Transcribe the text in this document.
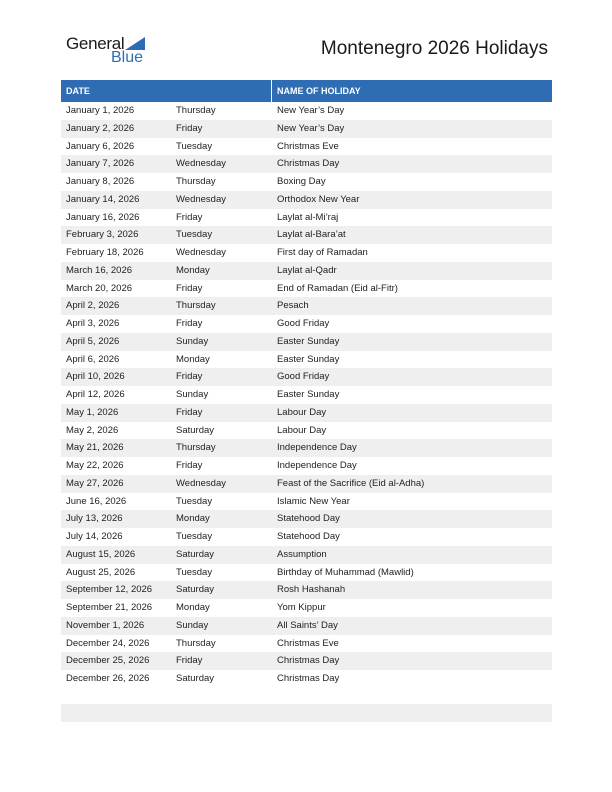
General
Blue	Montenegro 2026 Holidays
DATE	NAME OF HOLIDAY
January 1, 2026	Thursday	New Year’s Day
January 2, 2026	Friday	New Year’s Day
January 6, 2026	Tuesday	Christmas Eve
January 7, 2026	Wednesday	Christmas Day
January 8, 2026	Thursday	Boxing Day
January 14, 2026	Wednesday	Orthodox New Year
January 16, 2026	Friday	Laylat al-Mi’raj
February 3, 2026	Tuesday	Laylat al-Bara’at
February 18, 2026	Wednesday	First day of Ramadan
March 16, 2026	Monday	Laylat al-Qadr
March 20, 2026	Friday	End of Ramadan (Eid al-Fitr)
April 2, 2026	Thursday	Pesach
April 3, 2026	Friday	Good Friday
April 5, 2026	Sunday	Easter Sunday
April 6, 2026	Monday	Easter Sunday
April 10, 2026	Friday	Good Friday
April 12, 2026	Sunday	Easter Sunday
May 1, 2026	Friday	Labour Day
May 2, 2026	Saturday	Labour Day
May 21, 2026	Thursday	Independence Day
May 22, 2026	Friday	Independence Day
May 27, 2026	Wednesday	Feast of the Sacrifice (Eid al-Adha)
June 16, 2026	Tuesday	Islamic New Year
July 13, 2026	Monday	Statehood Day
July 14, 2026	Tuesday	Statehood Day
August 15, 2026	Saturday	Assumption
August 25, 2026	Tuesday	Birthday of Muhammad (Mawlid)
September 12, 2026	Saturday	Rosh Hashanah
September 21, 2026	Monday	Yom Kippur
November 1, 2026	Sunday	All Saints’ Day
December 24, 2026	Thursday	Christmas Eve
December 25, 2026	Friday	Christmas Day
December 26, 2026	Saturday	Christmas Day
